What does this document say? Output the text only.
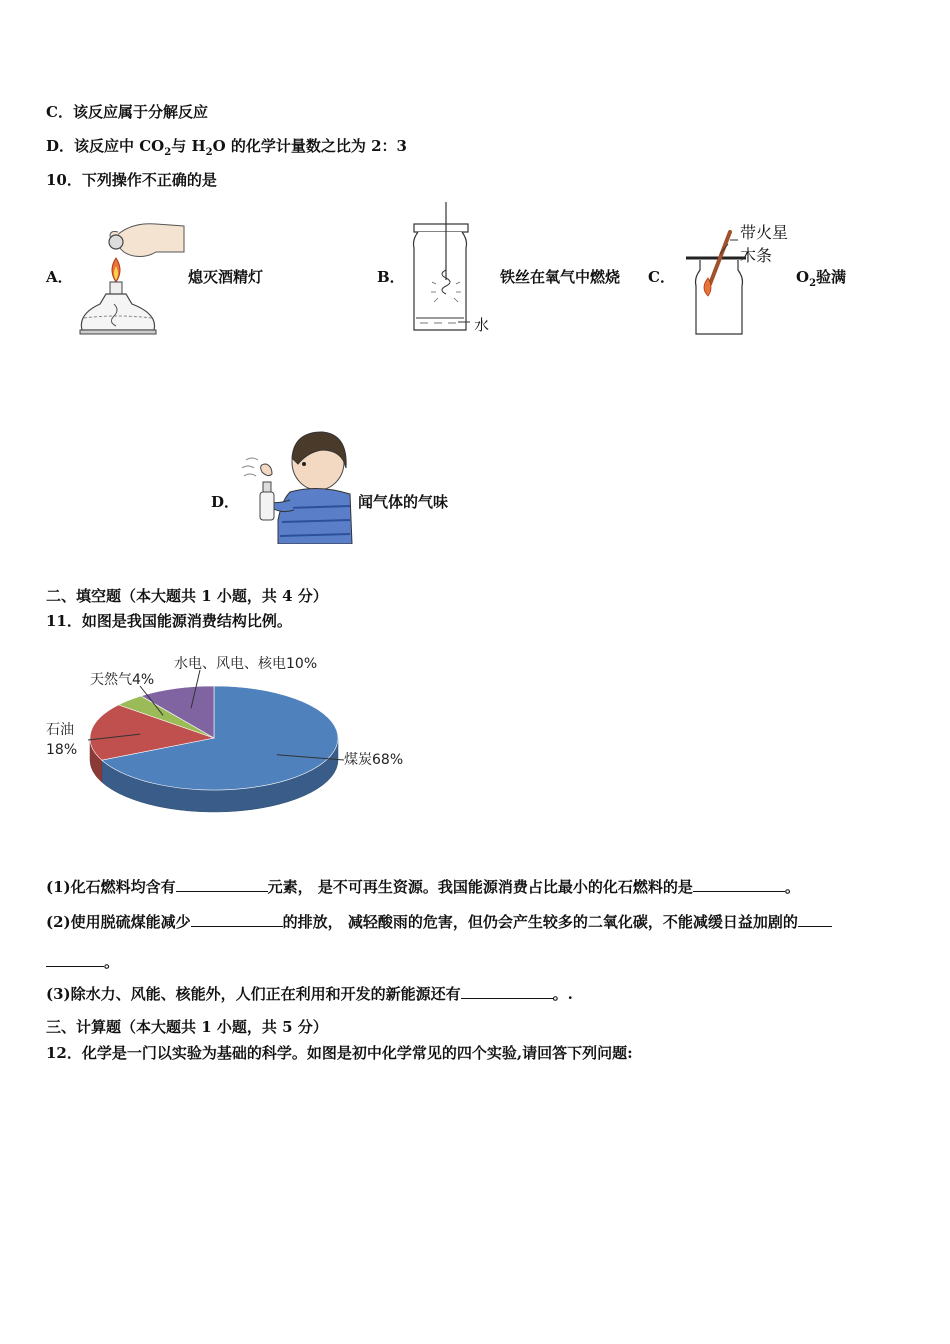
C．该反应属于分解反应
D．该反应中 $CO_2$与 $H_2O$ 的化学计量数之比为 2：3
10．下列操作不正确的是
A．	熄灭酒精灯	B．
水
铁丝在氧气中燃烧 C．
带火星
木条
$O_2$验满
D．	闻气体的气味
二、填空题（本大题共 1 小题，共 4 分）
11．如图是我国能源消费结构比例。
煤炭68%
石油
18%
天然气4%
水电、风电、核电10%
(1)化石燃料均含有	元素， 是不可再生资源。我国能源消费占比最小的化石燃料的是	。
(2)使用脱硫煤能减少	的排放， 减轻酸雨的危害，但仍会产生较多的二氧化碳，不能减缓日益加剧的
。
(3)除水力、风能、核能外，人们正在利用和开发的新能源还有	。.
三、计算题（本大题共 1 小题，共 5 分）
12．化学是一门以实验为基础的科学。如图是初中化学常见的四个实验,请回答下列问题:
